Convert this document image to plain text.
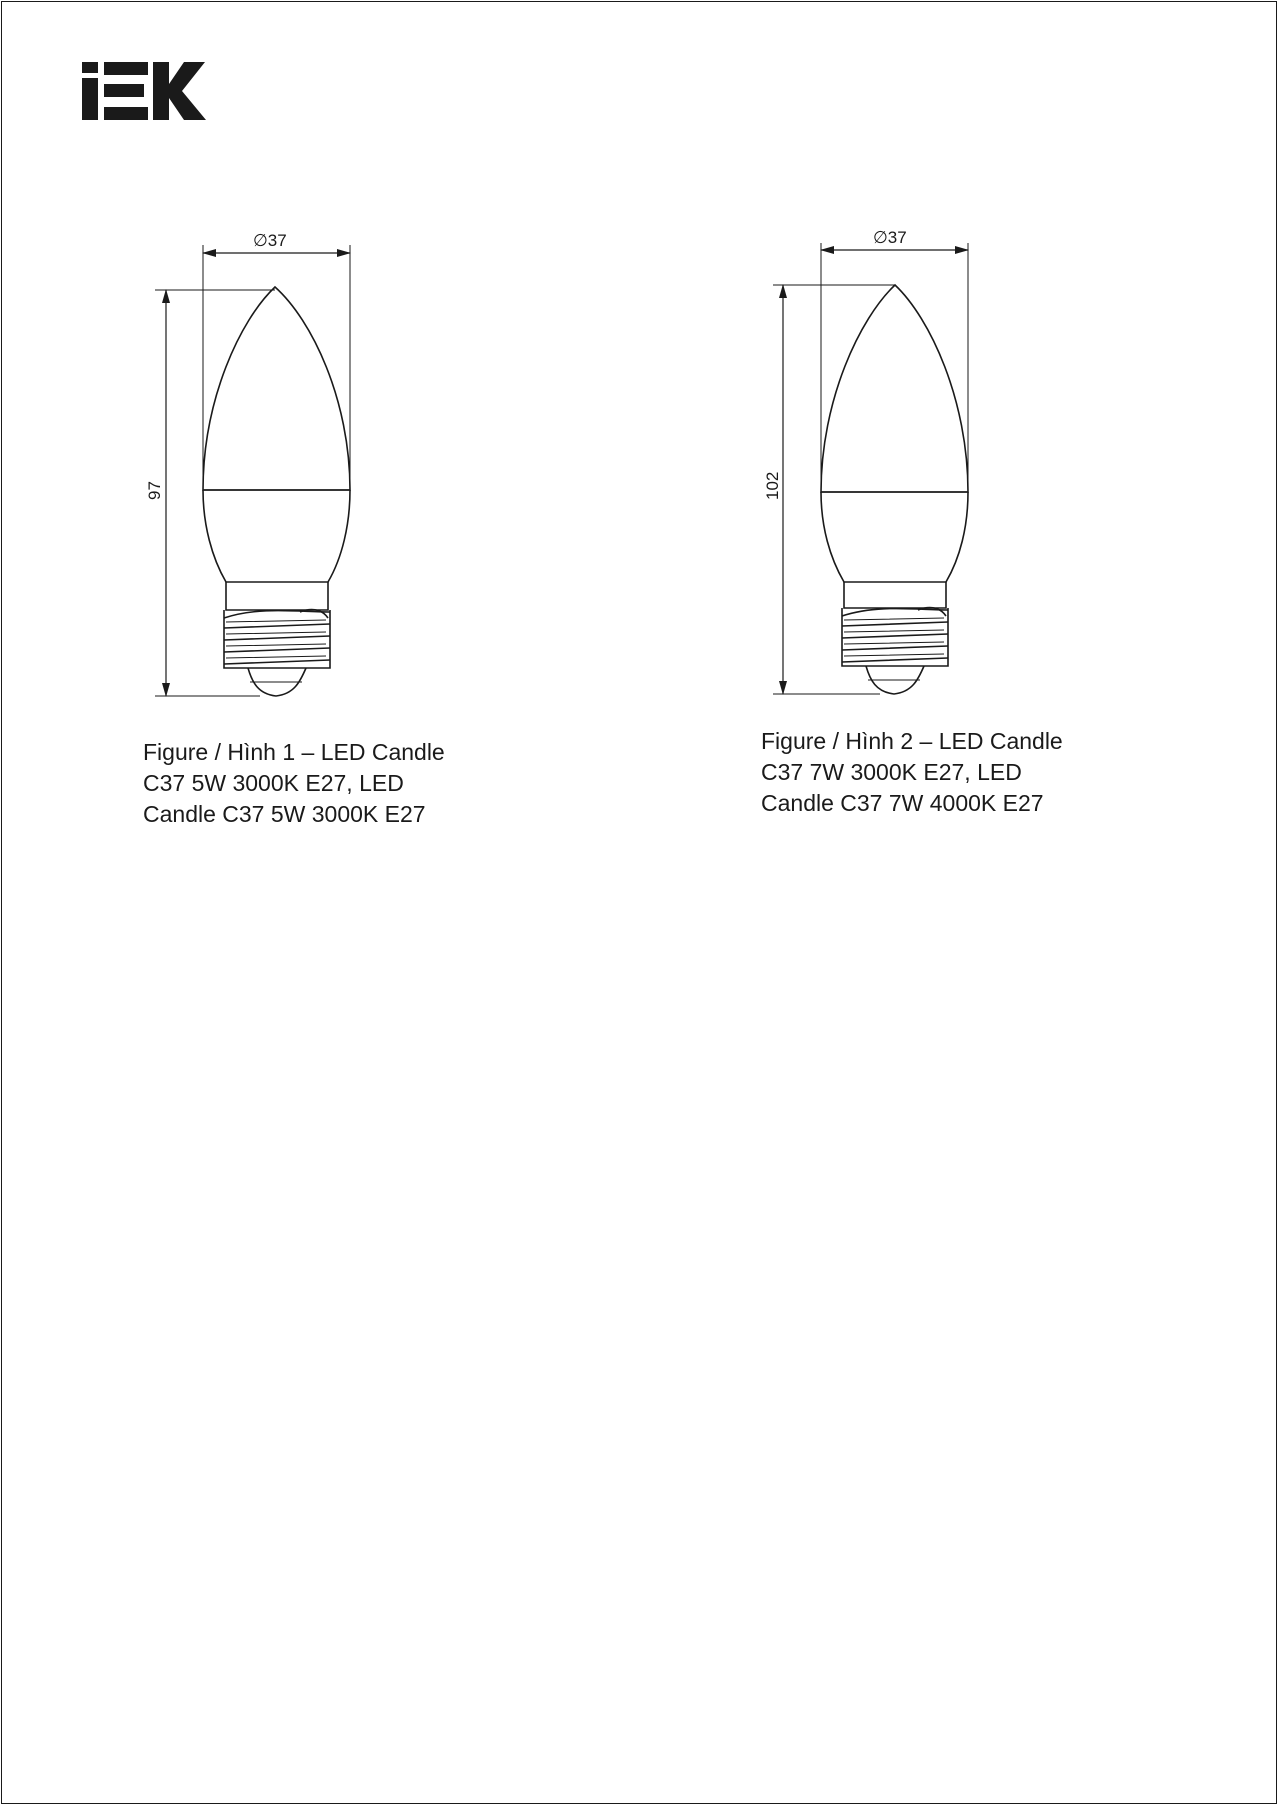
∅37
97
∅37
102

Figure / Hình 1 – LED Candle C37 5W 3000K E27, LED Candle C37 5W 3000K E27

Figure / Hình 2 – LED Candle C37 7W 3000K E27, LED Candle C37 7W 4000K E27
